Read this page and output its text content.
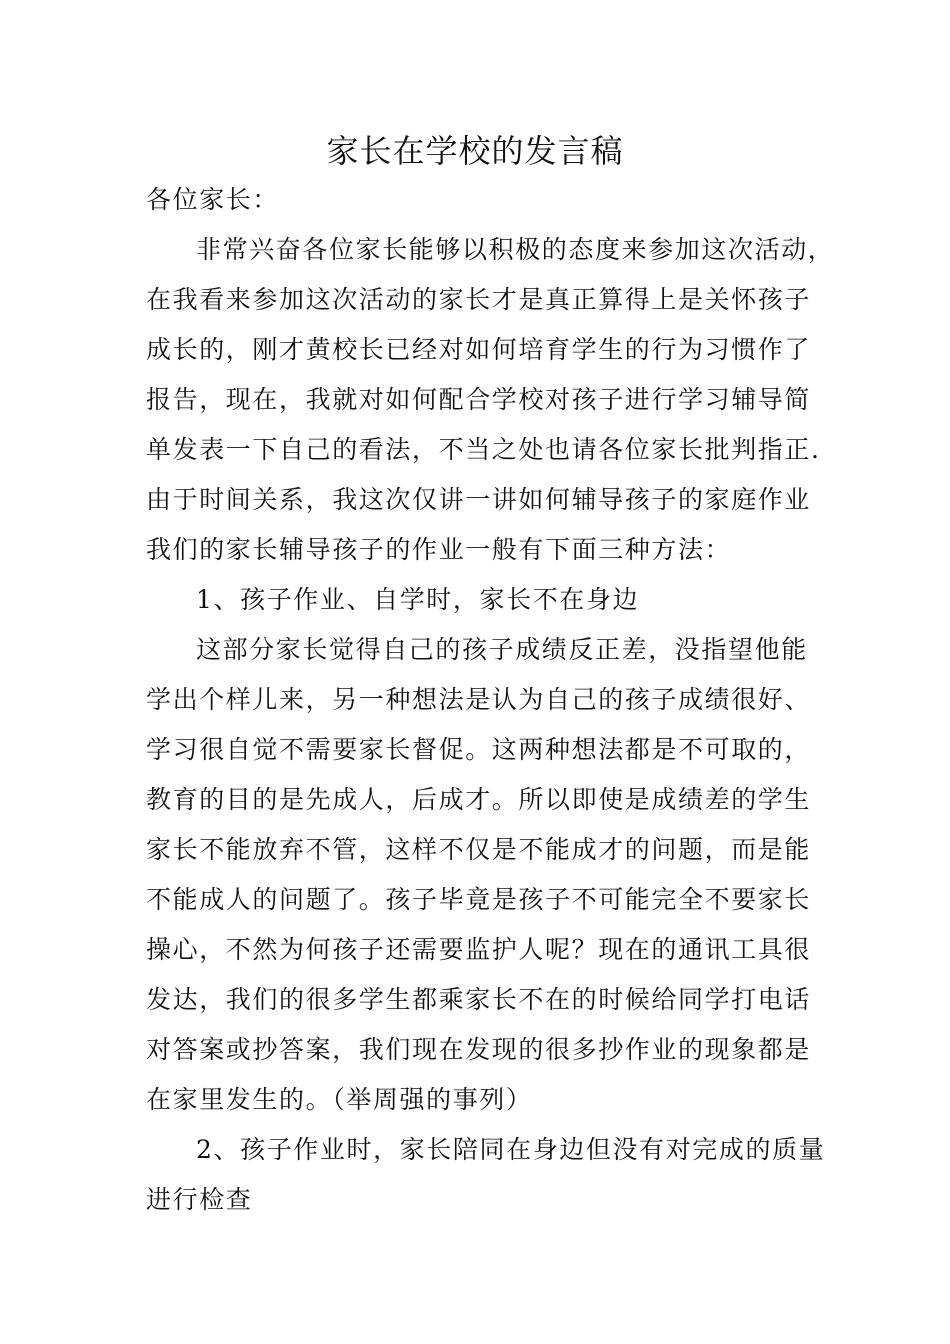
家长在学校的发言稿
各位家长：
非常兴奋各位家长能够以积极的态度来参加这次活动，
在我看来参加这次活动的家长才是真正算得上是关怀孩子
成长的，刚才黄校长已经对如何培育学生的行为习惯作了
报告，现在，我就对如何配合学校对孩子进行学习辅导简
单发表一下自己的看法，不当之处也请各位家长批判指正.
由于时间关系，我这次仅讲一讲如何辅导孩子的家庭作业
我们的家长辅导孩子的作业一般有下面三种方法：
1、孩子作业、自学时，家长不在身边
这部分家长觉得自己的孩子成绩反正差，没指望他能
学出个样儿来，另一种想法是认为自己的孩子成绩很好、
学习很自觉不需要家长督促。这两种想法都是不可取的，
教育的目的是先成人，后成才。所以即使是成绩差的学生
家长不能放弃不管，这样不仅是不能成才的问题，而是能
不能成人的问题了。孩子毕竟是孩子不可能完全不要家长
操心，不然为何孩子还需要监护人呢？现在的通讯工具很
发达，我们的很多学生都乘家长不在的时候给同学打电话
对答案或抄答案，我们现在发现的很多抄作业的现象都是
在家里发生的。（举周强的事列）
2、孩子作业时，家长陪同在身边但没有对完成的质量
进行检查
